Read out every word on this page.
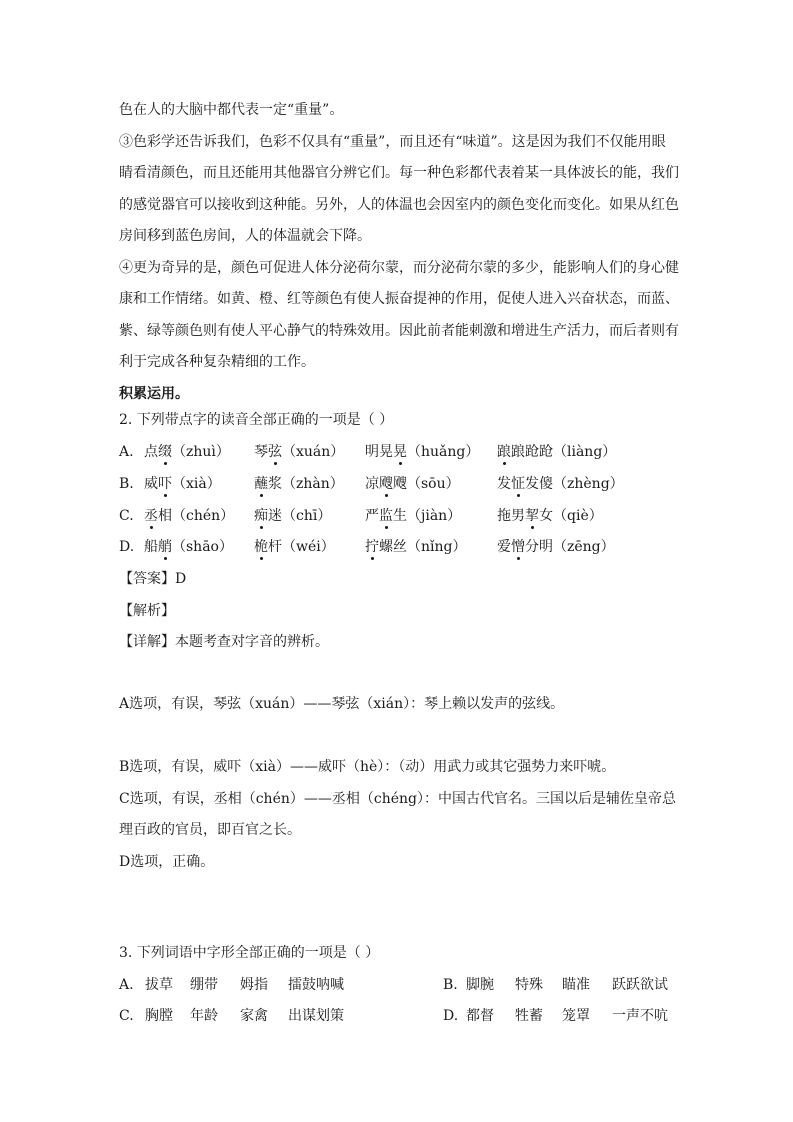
色在人的大脑中都代表一定“重量”。
③色彩学还告诉我们，色彩不仅具有“重量”，而且还有“味道”。这是因为我们不仅能用眼
睛看清颜色，而且还能用其他器官分辨它们。每一种色彩都代表着某一具体波长的能，我们
的感觉器官可以接收到这种能。另外，人的体温也会因室内的颜色变化而变化。如果从红色
房间移到蓝色房间，人的体温就会下降。
④更为奇异的是，颜色可促进人体分泌荷尔蒙，而分泌荷尔蒙的多少，能影响人们的身心健
康和工作情绪。如黄、橙、红等颜色有使人振奋提神的作用，促使人进入兴奋状态，而蓝、
紫、绿等颜色则有使人平心静气的特殊效用。因此前者能刺激和增进生产活力，而后者则有
利于完成各种复杂精细的工作。
积累运用。
2. 下列带点字的读音全部正确的一项是（ ）
A. 点缀（zhuì） 琴弦（xuán） 明晃晃（huǎng） 踉踉跄跄（liàng）
B. 威吓（xià） 蘸浆（zhàn） 凉飕飕（sōu）	发怔发傻（zhèng）
C. 丞相（chén） 痴迷（chī） 严监生（jiàn）	拖男挈女（qiè）
D. 船艄（shāo） 桅杆（wéi） 拧螺丝（nǐng） 爱憎分明（zēng）
【答案】D
【解析】
【详解】本题考查对字音的辨析。
A选项，有误，琴弦（xuán）——琴弦（xián）：琴上赖以发声的弦线。
B选项，有误，威吓（xià）——威吓（hè）：（动）用武力或其它强势力来吓唬。
C选项，有误，丞相（chén）——丞相（chéng）：中国古代官名。三国以后是辅佐皇帝总
理百政的官员，即百官之长。
D选项，正确。
3. 下列词语中字形全部正确的一项是（ ）
A. 拔草 绷带 姆指 擂鼓呐喊	B. 脚腕 特殊 瞄准 跃跃欲试
C. 胸膛 年龄 家禽 出谋划策	D. 都督 牲蓄 笼罩 一声不吭
